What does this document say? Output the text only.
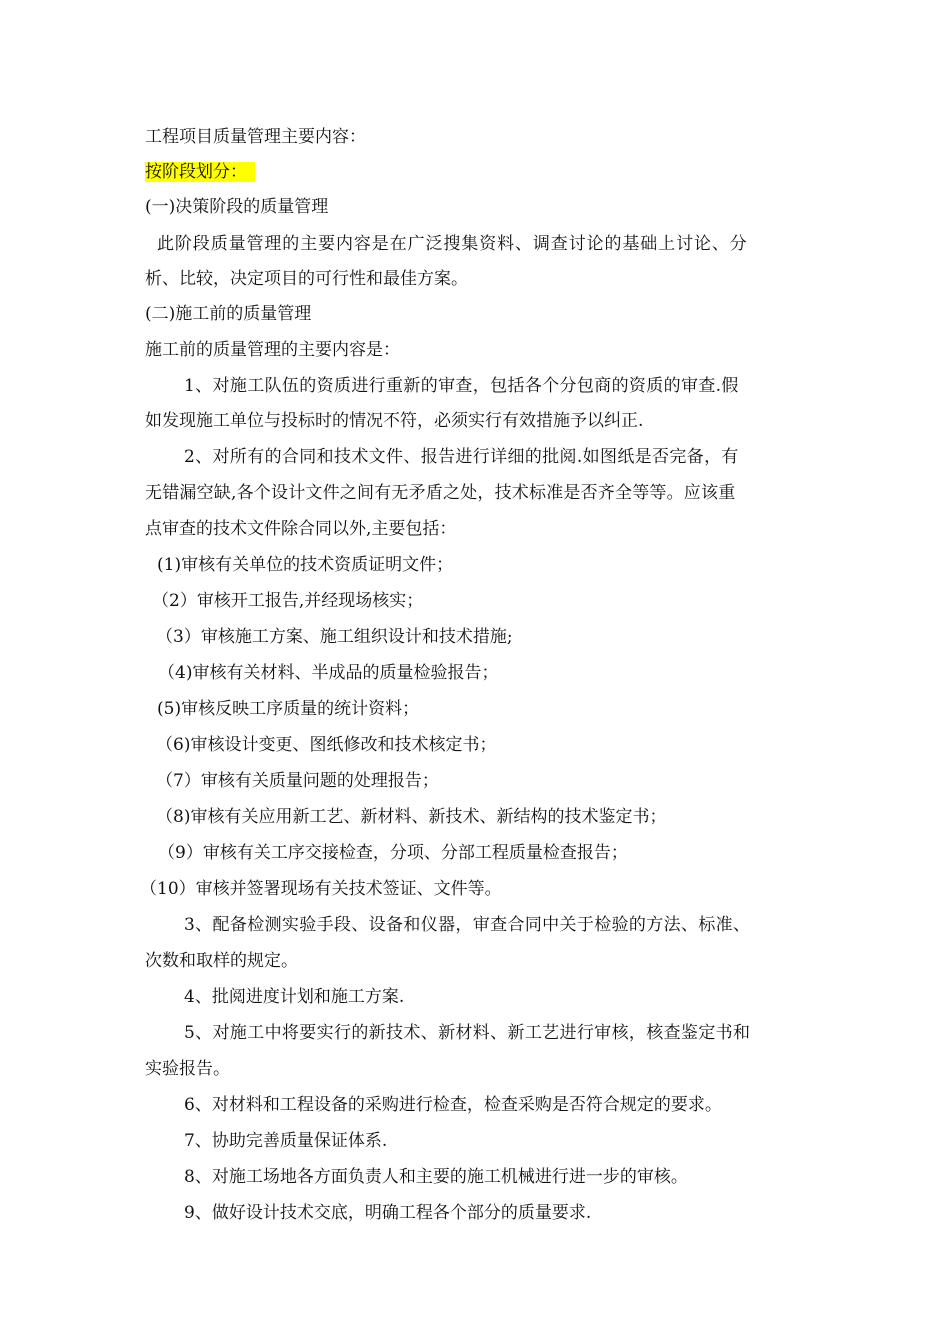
工程项目质量管理主要内容：
按阶段划分：
(一)决策阶段的质量管理
此阶段质量管理的主要内容是在广泛搜集资料、调查讨论的基础上讨论、分
析、比较，决定项目的可行性和最佳方案。
(二)施工前的质量管理
施工前的质量管理的主要内容是：
1、对施工队伍的资质进行重新的审查，包括各个分包商的资质的审查.假
如发现施工单位与投标时的情况不符，必须实行有效措施予以纠正.
2、对所有的合同和技术文件、报告进行详细的批阅.如图纸是否完备，有
无错漏空缺,各个设计文件之间有无矛盾之处，技术标准是否齐全等等。应该重
点审查的技术文件除合同以外,主要包括：
(1)审核有关单位的技术资质证明文件；
（2）审核开工报告,并经现场核实；
（3）审核施工方案、施工组织设计和技术措施;
（4)审核有关材料、半成品的质量检验报告；
(5)审核反映工序质量的统计资料；
（6)审核设计变更、图纸修改和技术核定书；
（7）审核有关质量问题的处理报告；
（8)审核有关应用新工艺、新材料、新技术、新结构的技术鉴定书；
（9）审核有关工序交接检查，分项、分部工程质量检查报告；
（10）审核并签署现场有关技术签证、文件等。
3、配备检测实验手段、设备和仪器，审查合同中关于检验的方法、标准、
次数和取样的规定。
4、批阅进度计划和施工方案.
5、对施工中将要实行的新技术、新材料、新工艺进行审核，核查鉴定书和
实验报告。
6、对材料和工程设备的采购进行检查，检查采购是否符合规定的要求。
7、协助完善质量保证体系.
8、对施工场地各方面负责人和主要的施工机械进行进一步的审核。
9、做好设计技术交底，明确工程各个部分的质量要求.
